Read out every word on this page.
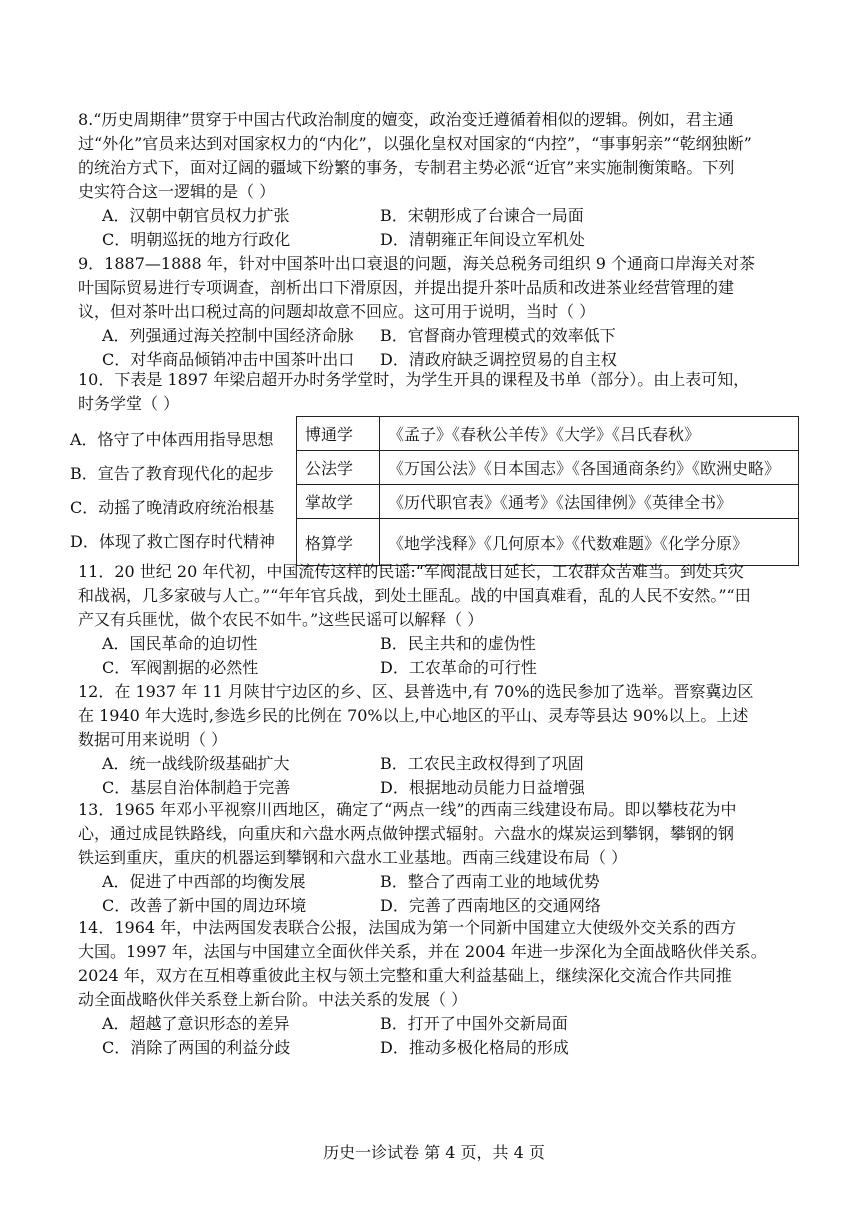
8.“历史周期律”贯穿于中国古代政治制度的嬗变，政治变迁遵循着相似的逻辑。例如，君主通
过“外化”官员来达到对国家权力的“内化”，以强化皇权对国家的“内控”，“事事躬亲”“乾纲独断”
的统治方式下，面对辽阔的疆域下纷繁的事务，专制君主势必派“近官”来实施制衡策略。下列
史实符合这一逻辑的是（ ）
A．汉朝中朝官员权力扩张	B．宋朝形成了台谏合一局面
C．明朝巡抚的地方行政化	D．清朝雍正年间设立军机处
9．1887—1888 年，针对中国茶叶出口衰退的问题，海关总税务司组织 9 个通商口岸海关对茶
叶国际贸易进行专项调查，剖析出口下滑原因，并提出提升茶叶品质和改进茶业经营管理的建
议，但对茶叶出口税过高的问题却故意不回应。这可用于说明，当时（ ）
A．列强通过海关控制中国经济命脉 B．官督商办管理模式的效率低下
C．对华商品倾销冲击中国茶叶出口 D．清政府缺乏调控贸易的自主权
10．下表是 1897 年梁启超开办时务学堂时，为学生开具的课程及书单（部分）。由上表可知，
时务学堂（ ）
A．恪守了中体西用指导思想
B．宣告了教育现代化的起步
C．动摇了晚清政府统治根基
D．体现了救亡图存时代精神
博通学	《孟子》《春秋公羊传》《大学》《吕氏春秋》
公法学	《万国公法》《日本国志》《各国通商条约》《欧洲史略》
掌故学	《历代职官表》《通考》《法国律例》《英律全书》
格算学	《地学浅释》《几何原本》《代数难题》《化学分原》
11．20 世纪 20 年代初，中国流传这样的民谣:“军阀混战日延长，工农群众苦难当。到处兵灾
和战祸，几多家破与人亡。”“年年官兵战，到处土匪乱。战的中国真难看，乱的人民不安然。”“田
产又有兵匪忧，做个农民不如牛。”这些民谣可以解释（ ）
A．国民革命的迫切性	B．民主共和的虚伪性
C．军阀割据的必然性	D．工农革命的可行性
12．在 1937 年 11 月陕甘宁边区的乡、区、县普选中,有 70%的选民参加了选举。晋察冀边区
在 1940 年大选时,参选乡民的比例在 70%以上,中心地区的平山、灵寿等县达 90%以上。上述
数据可用来说明（ ）
A．统一战线阶级基础扩大	B．工农民主政权得到了巩固
C．基层自治体制趋于完善	D．根据地动员能力日益增强
13．1965 年邓小平视察川西地区，确定了“两点一线”的西南三线建设布局。即以攀枝花为中
心，通过成昆铁路线，向重庆和六盘水两点做钟摆式辐射。六盘水的煤炭运到攀钢，攀钢的钢
铁运到重庆，重庆的机器运到攀钢和六盘水工业基地。西南三线建设布局（ ）
A．促进了中西部的均衡发展	B．整合了西南工业的地域优势
C．改善了新中国的周边环境	D．完善了西南地区的交通网络
14．1964 年，中法两国发表联合公报，法国成为第一个同新中国建立大使级外交关系的西方
大国。1997 年，法国与中国建立全面伙伴关系，并在 2004 年进一步深化为全面战略伙伴关系。
2024 年，双方在互相尊重彼此主权与领土完整和重大利益基础上，继续深化交流合作共同推
动全面战略伙伴关系登上新台阶。中法关系的发展（ ）
A．超越了意识形态的差异	B．打开了中国外交新局面
C．消除了两国的利益分歧	D．推动多极化格局的形成
历史一诊试卷 第 4 页，共 4 页
